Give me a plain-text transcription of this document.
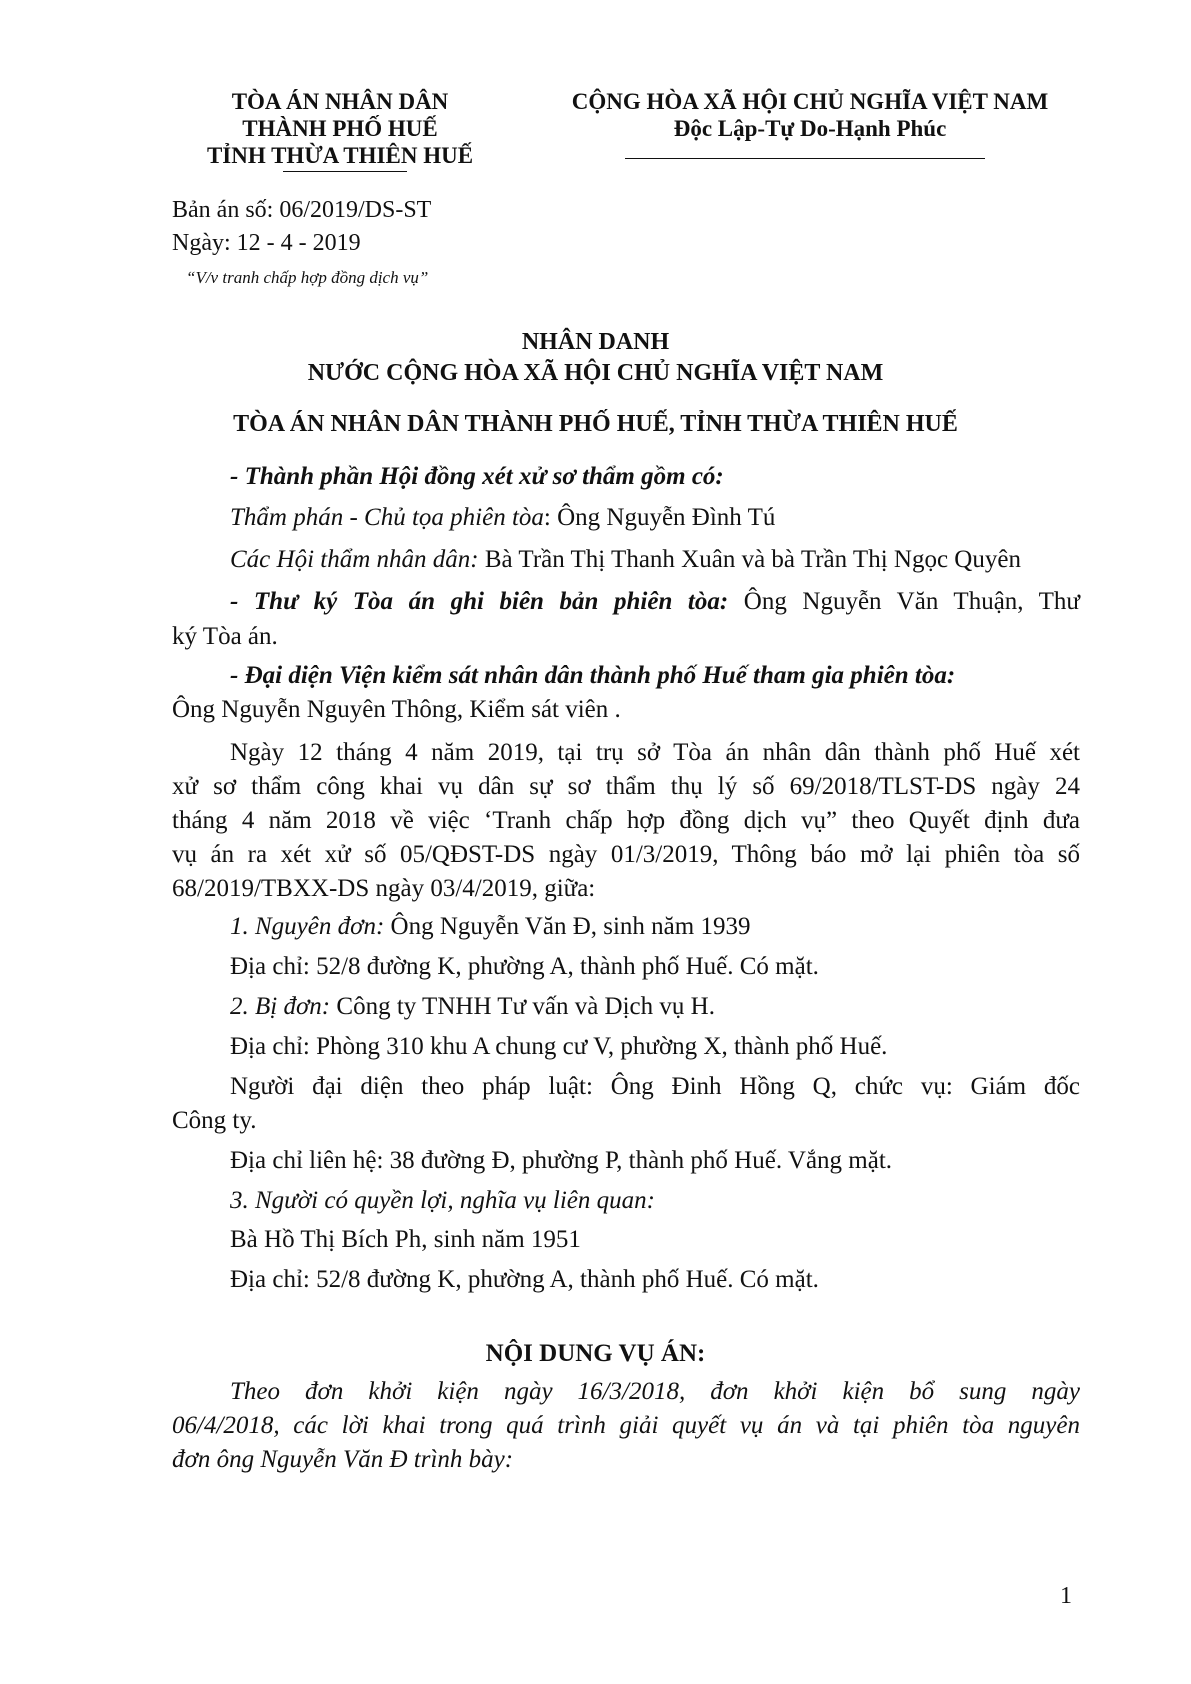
TÒA ÁN NHÂN DÂN
THÀNH PHỐ HUẾ
TỈNH THỪA THIÊN HUẾ
CỘNG HÒA XÃ HỘI CHỦ NGHĨA VIỆT NAM
Độc Lập-Tự Do-Hạnh Phúc
Bản án số: 06/2019/DS-ST
Ngày: 12 - 4 - 2019
“V/v tranh chấp hợp đồng dịch vụ”
NHÂN DANH
NƯỚC CỘNG HÒA XÃ HỘI CHỦ NGHĨA VIỆT NAM
TÒA ÁN NHÂN DÂN THÀNH PHỐ HUẾ, TỈNH THỪA THIÊN HUẾ
- Thành phần Hội đồng xét xử sơ thẩm gồm có:
Thẩm phán - Chủ tọa phiên tòa: Ông Nguyễn Đình Tú
Các Hội thẩm nhân dân: Bà Trần Thị Thanh Xuân và bà Trần Thị Ngọc Quyên
- Thư ký Tòa án ghi biên bản phiên tòa: Ông Nguyễn Văn Thuận, Thư
ký Tòa án.
- Đại diện Viện kiểm sát nhân dân thành phố Huế tham gia phiên tòa:
Ông Nguyễn Nguyên Thông, Kiểm sát viên .
Ngày 12 tháng 4 năm 2019, tại trụ sở Tòa án nhân dân thành phố Huế xét
xử sơ thẩm công khai vụ dân sự sơ thẩm thụ lý số 69/2018/TLST-DS ngày 24
tháng 4 năm 2018 về việc ‘Tranh chấp hợp đồng dịch vụ” theo Quyết định đưa
vụ án ra xét xử số 05/QĐST-DS ngày 01/3/2019, Thông báo mở lại phiên tòa số
68/2019/TBXX-DS ngày 03/4/2019, giữa:
1. Nguyên đơn: Ông Nguyễn Văn Đ, sinh năm 1939
Địa chỉ: 52/8 đường K, phường A, thành phố Huế. Có mặt.
2. Bị đơn: Công ty TNHH Tư vấn và Dịch vụ H.
Địa chỉ: Phòng 310 khu A chung cư V, phường X, thành phố Huế.
Người đại diện theo pháp luật: Ông Đinh Hồng Q, chức vụ: Giám đốc
Công ty.
Địa chỉ liên hệ: 38 đường Đ, phường P, thành phố Huế. Vắng mặt.
3. Người có quyền lợi, nghĩa vụ liên quan:
Bà Hồ Thị Bích Ph, sinh năm 1951
Địa chỉ: 52/8 đường K, phường A, thành phố Huế. Có mặt.
NỘI DUNG VỤ ÁN:
Theo đơn khởi kiện ngày 16/3/2018, đơn khởi kiện bổ sung ngày
06/4/2018, các lời khai trong quá trình giải quyết vụ án và tại phiên tòa nguyên
đơn ông Nguyễn Văn Đ trình bày:
1
